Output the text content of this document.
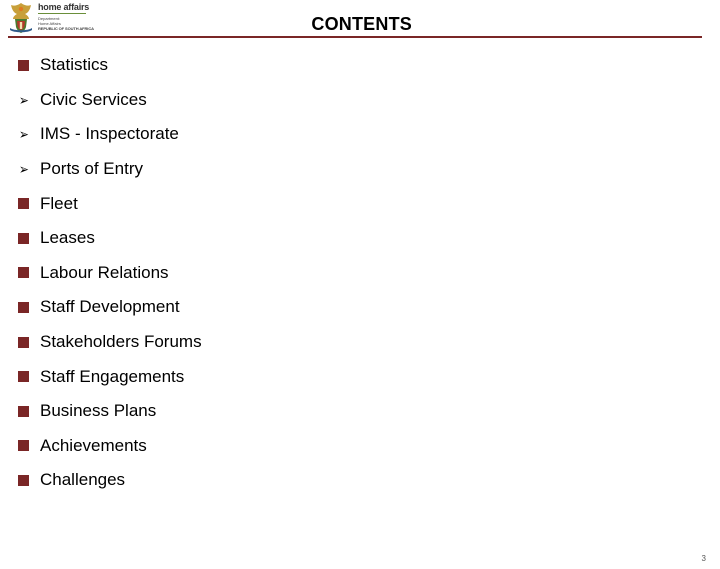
home affairs
Department:
Home Affairs
REPUBLIC OF SOUTH AFRICA	CONTENTS
Statistics
➢ Civic Services
➢ IMS - Inspectorate
➢ Ports of Entry
Fleet
Leases
Labour Relations
Staff Development
Stakeholders Forums
Staff Engagements
Business Plans
Achievements
Challenges
3
